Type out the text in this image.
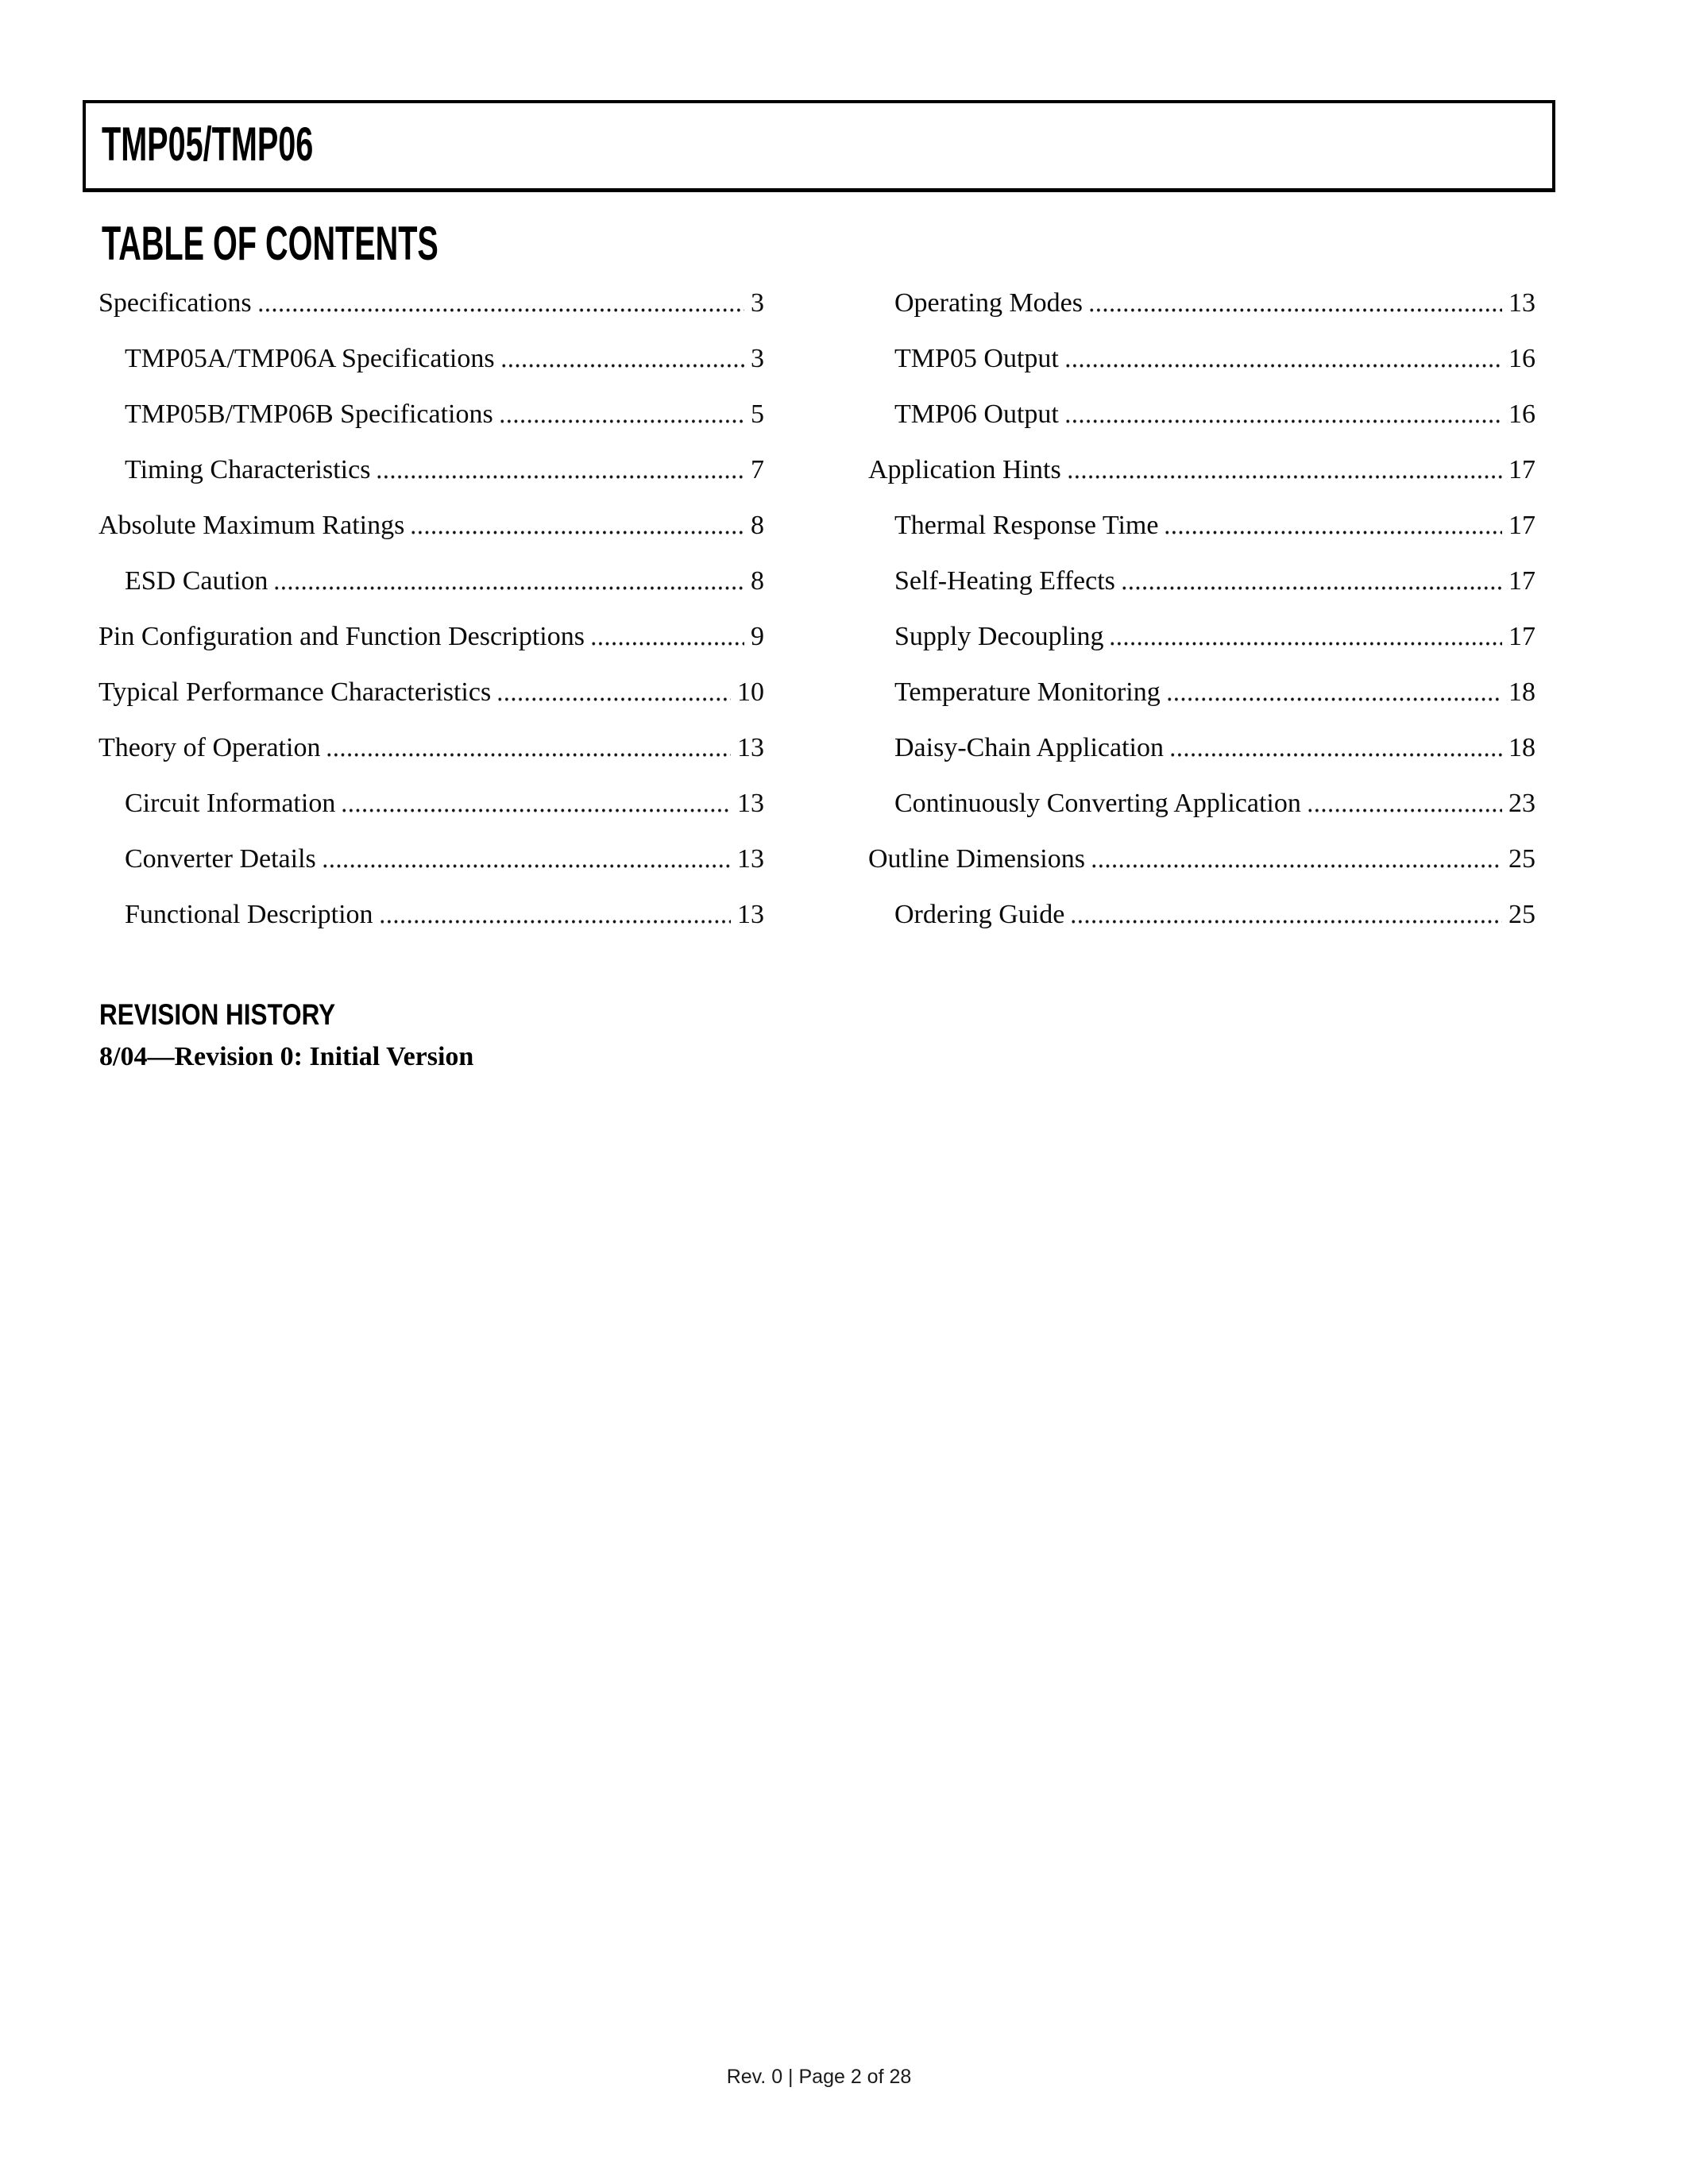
TMP05/TMP06
TABLE OF CONTENTS
Specifications	3
TMP05A/TMP06A Specifications	3
TMP05B/TMP06B Specifications	5
Timing Characteristics	7
Absolute Maximum Ratings	8
ESD Caution	8
Pin Configuration and Function Descriptions	9
Typical Performance Characteristics	10
Theory of Operation	13
Circuit Information	13
Converter Details	13
Functional Description	13
Operating Modes	13
TMP05 Output	16
TMP06 Output	16
Application Hints	17
Thermal Response Time	17
Self-Heating Effects	17
Supply Decoupling	17
Temperature Monitoring	18
Daisy-Chain Application	18
Continuously Converting Application	23
Outline Dimensions	25
Ordering Guide	25
REVISION HISTORY
8/04—Revision 0: Initial Version
Rev. 0 | Page 2 of 28
